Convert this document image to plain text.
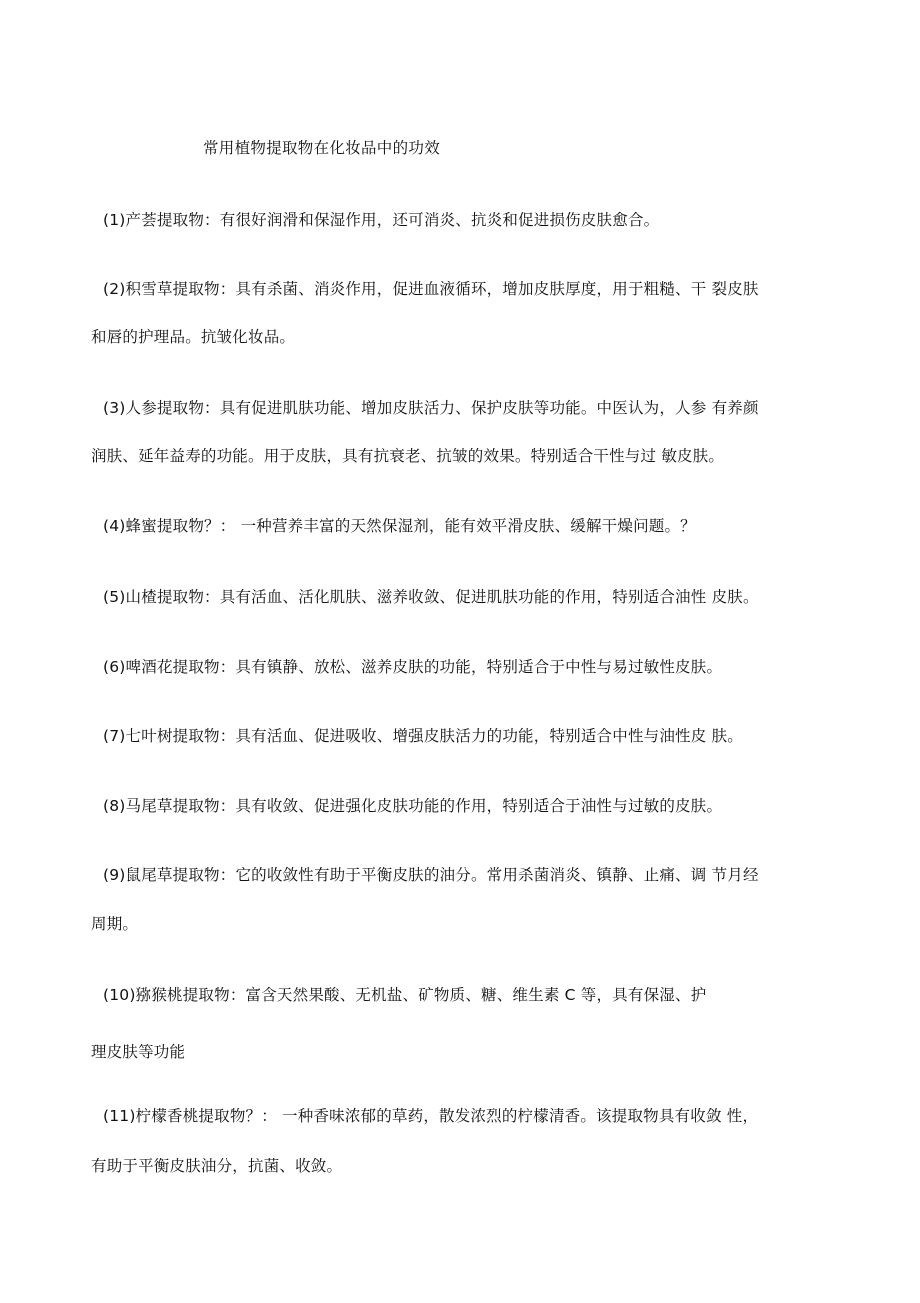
常用植物提取物在化妆品中的功效
(1)产荟提取物：有很好润滑和保湿作用，还可消炎、抗炎和促进损伤皮肤愈合。
(2)积雪草提取物：具有杀菌、消炎作用，促进血液循环，增加皮肤厚度，用于粗糙、干 裂皮肤
和唇的护理品。抗皱化妆品。
(3)人参提取物：具有促进肌肤功能、增加皮肤活力、保护皮肤等功能。中医认为，人参 有养颜
润肤、延年益寿的功能。用于皮肤，具有抗衰老、抗皱的效果。特别适合干性与过 敏皮肤。
(4)蜂蜜提取物？： 一种营养丰富的天然保湿剂，能有效平滑皮肤、缓解干燥问题。？
(5)山楂提取物：具有活血、活化肌肤、滋养收敛、促进肌肤功能的作用，特别适合油性 皮肤。
(6)啤酒花提取物：具有镇静、放松、滋养皮肤的功能，特别适合于中性与易过敏性皮肤。
(7)七叶树提取物：具有活血、促进吸收、增强皮肤活力的功能，特别适合中性与油性皮 肤。
(8)马尾草提取物：具有收敛、促进强化皮肤功能的作用，特别适合于油性与过敏的皮肤。
(9)鼠尾草提取物：它的收敛性有助于平衡皮肤的油分。常用杀菌消炎、镇静、止痛、调 节月经
周期。
(10)猕猴桃提取物：富含天然果酸、无机盐、矿物质、糖、维生素 C 等，具有保湿、护
理皮肤等功能
(11)柠檬香桃提取物？： 一种香味浓郁的草药，散发浓烈的柠檬清香。该提取物具有收敛 性，
有助于平衡皮肤油分，抗菌、收敛。
